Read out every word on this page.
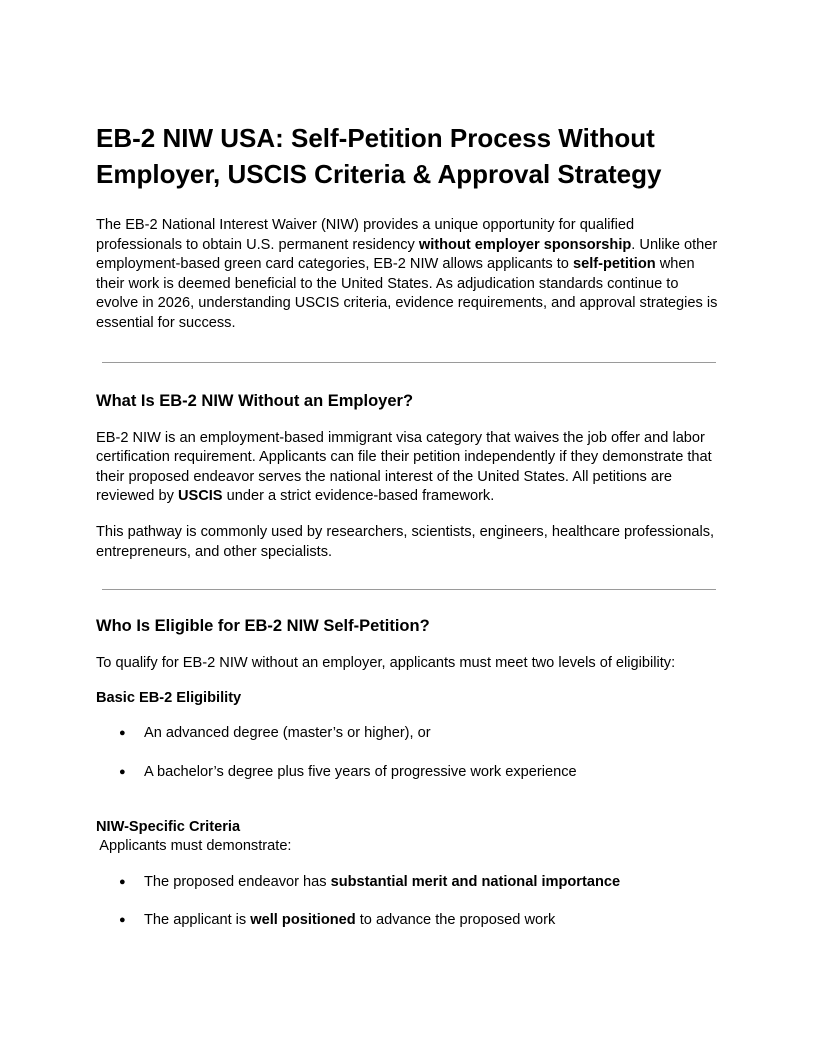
EB-2 NIW USA: Self-Petition Process Without Employer, USCIS Criteria & Approval Strategy

The EB-2 National Interest Waiver (NIW) provides a unique opportunity for qualified professionals to obtain U.S. permanent residency without employer sponsorship. Unlike other employment-based green card categories, EB-2 NIW allows applicants to self-petition when their work is deemed beneficial to the United States. As adjudication standards continue to evolve in 2026, understanding USCIS criteria, evidence requirements, and approval strategies is essential for success.

What Is EB-2 NIW Without an Employer?

EB-2 NIW is an employment-based immigrant visa category that waives the job offer and labor certification requirement. Applicants can file their petition independently if they demonstrate that their proposed endeavor serves the national interest of the United States. All petitions are reviewed by USCIS under a strict evidence-based framework.

This pathway is commonly used by researchers, scientists, engineers, healthcare professionals, entrepreneurs, and other specialists.

Who Is Eligible for EB-2 NIW Self-Petition?

To qualify for EB-2 NIW without an employer, applicants must meet two levels of eligibility:

Basic EB-2 Eligibility

● An advanced degree (master’s or higher), or
● A bachelor’s degree plus five years of progressive work experience

NIW-Specific Criteria

Applicants must demonstrate:

● The proposed endeavor has substantial merit and national importance
● The applicant is well positioned to advance the proposed work
